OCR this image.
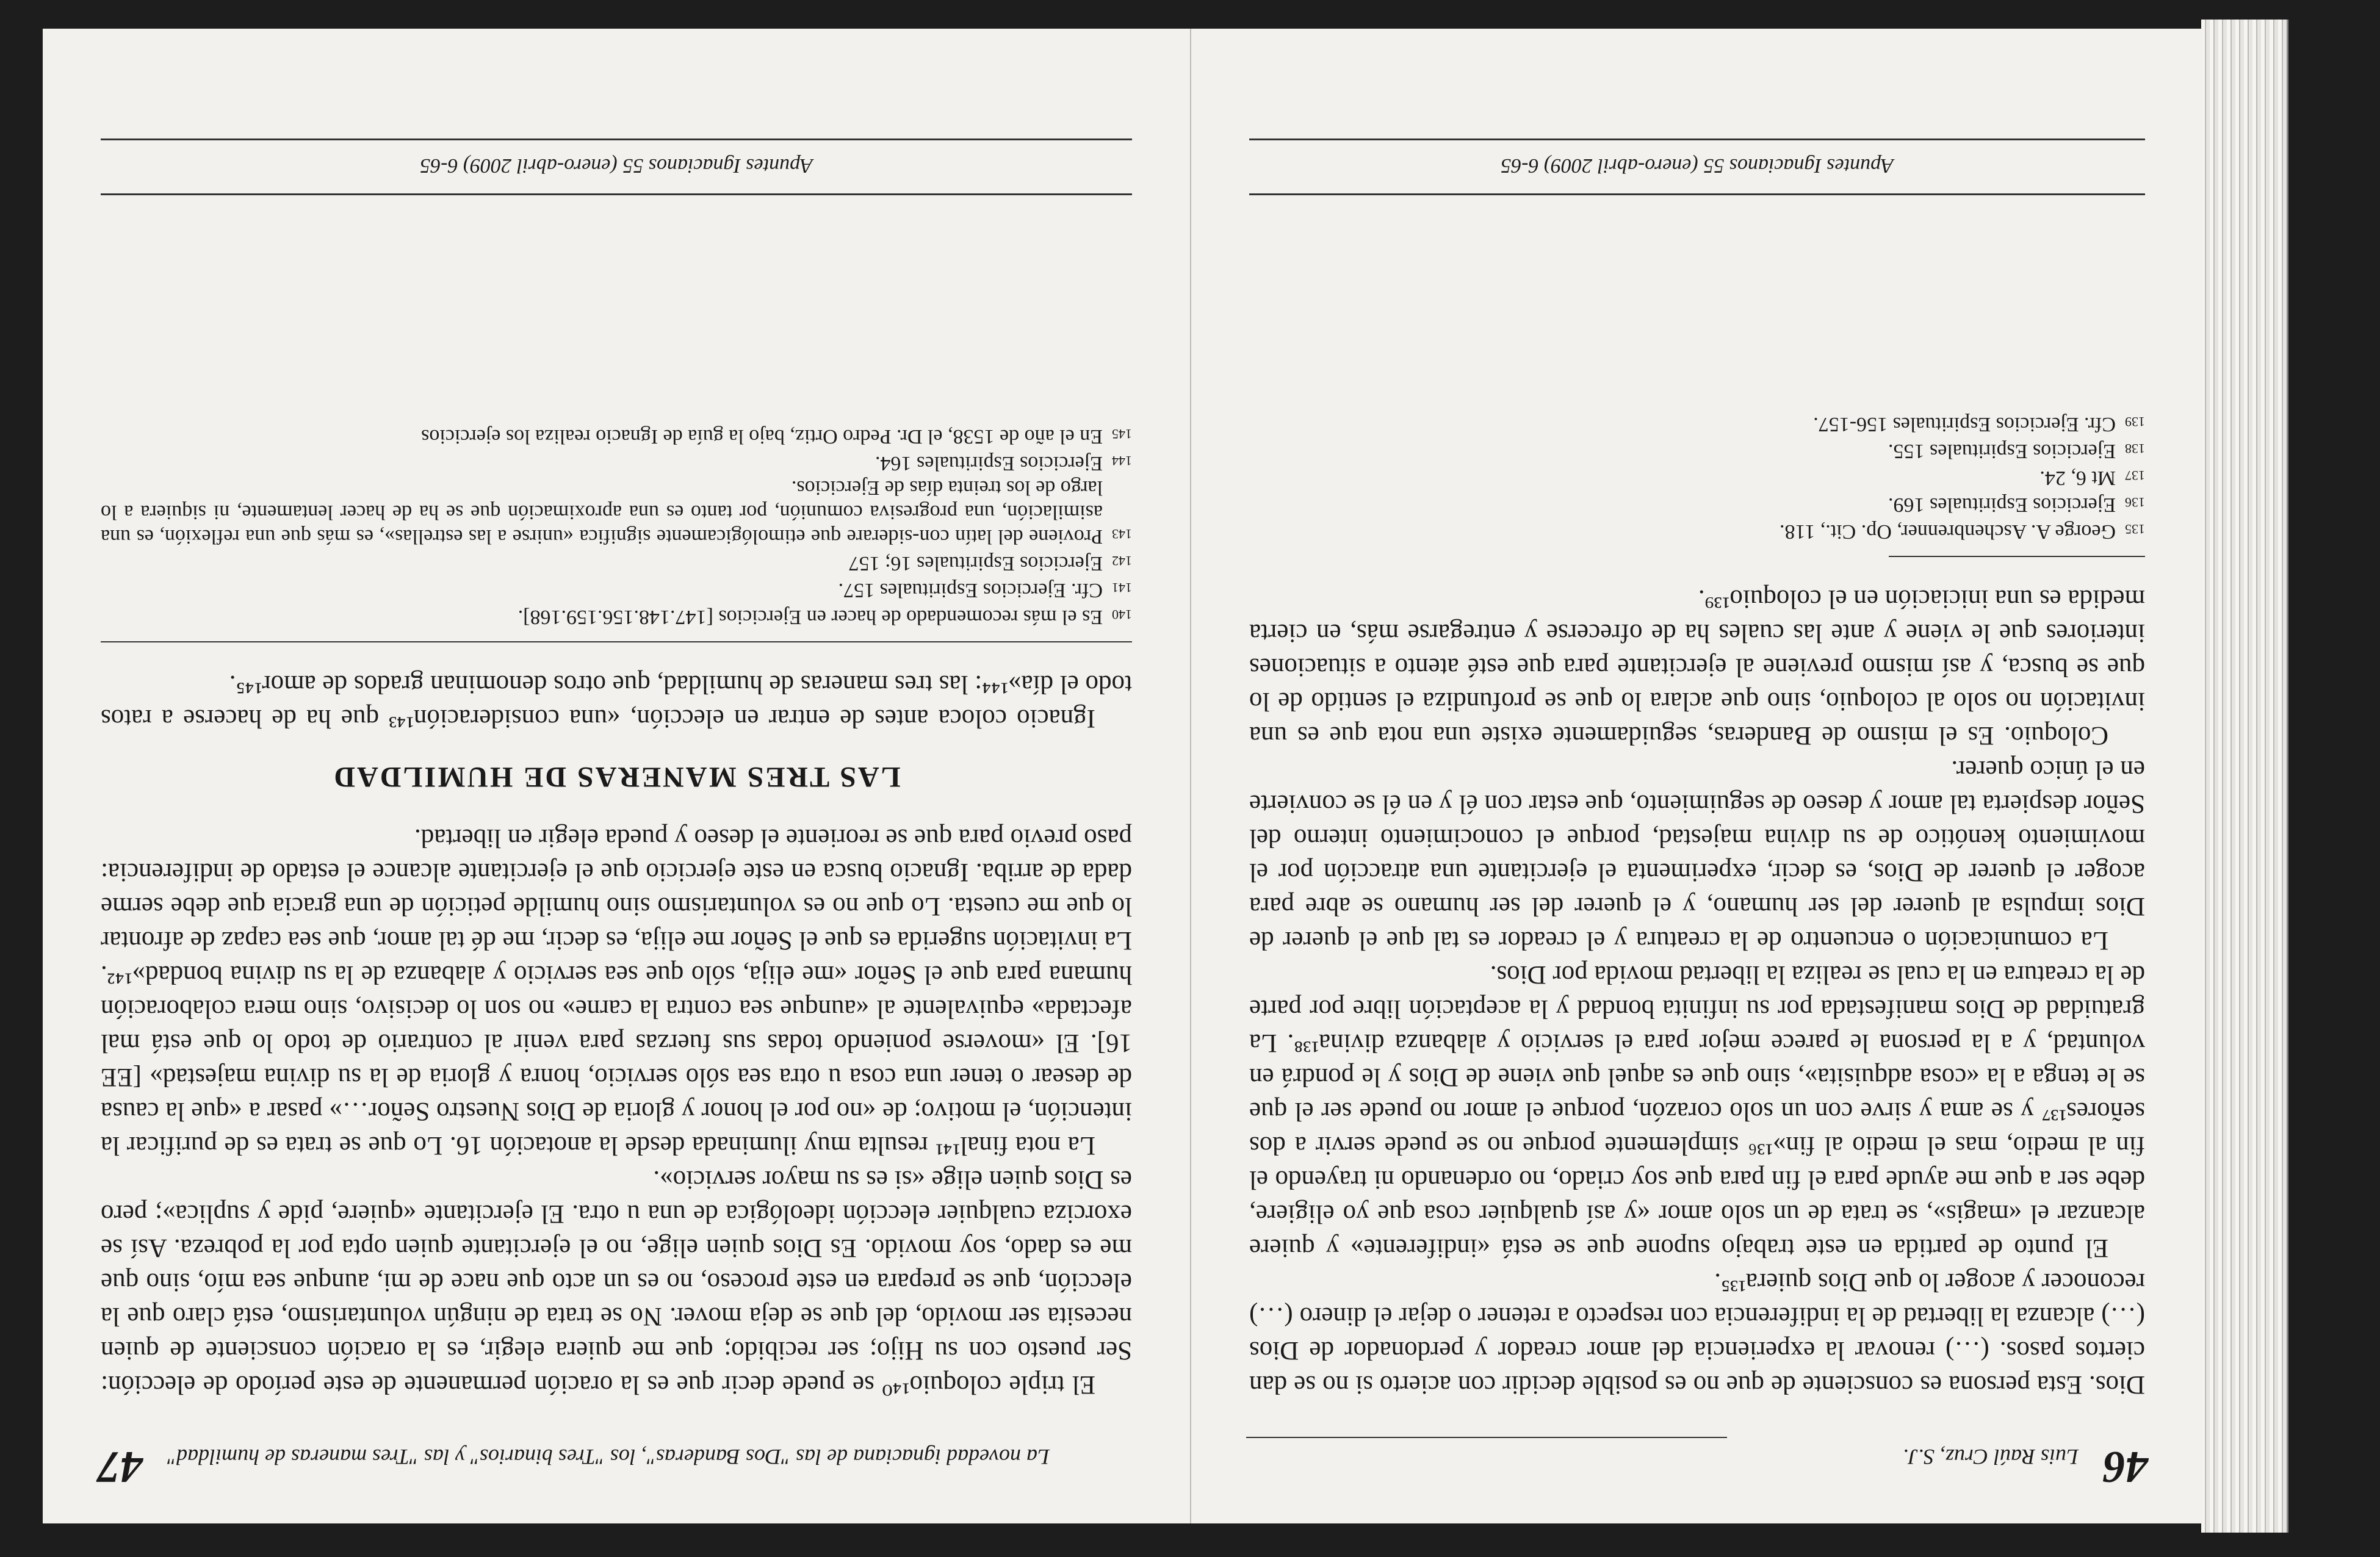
46
Luis Raúl Cruz, S.J.

Dios. Esta persona es consciente de que no es posible decidir con acierto si no se dan ciertos pasos. (…) renovar la experiencia del amor creador y perdonador de Dios (…) alcanza la libertad de la indiferencia con respecto a retener o dejar el dinero (…) reconocer y acoger lo que Dios quiera¹³⁵.

El punto de partida en este trabajo supone que se está «indiferente» y quiere alcanzar el «magis», se trata de un solo amor «y así qualquier cosa que yo eligiere, debe ser a que me ayude para el fin para que soy criado, no ordenando ni trayendo el fin al medio, mas el medio al fin»¹³⁶ simplemente porque no se puede servir a dos señores¹³⁷ y se ama y sirve con un solo corazón, porque el amor no puede ser el que se le tenga a la «cosa adquisita», sino que es aquel que viene de Dios y le pondrá en voluntad, y a la persona le parece mejor para el servicio y alabanza divina¹³⁸. La gratuidad de Dios manifestada por su infinita bondad y la aceptación libre por parte de la creatura en la cual se realiza la libertad movida por Dios.

La comunicación o encuentro de la creatura y el creador es tal que el querer de Dios impulsa al querer del ser humano, y el querer del ser humano se abre para acoger el querer de Dios, es decir, experimenta el ejercitante una atracción por el movimiento kenótico de su divina majestad, porque el conocimiento interno del Señor despierta tal amor y deseo de seguimiento, que estar con él y en él se convierte en el único querer.

Coloquio. Es el mismo de Banderas, seguidamente existe una nota que es una invitación no solo al coloquio, sino que aclara lo que se profundiza el sentido de lo que se busca, y así mismo previene al ejercitante para que esté atento a situaciones interiores que le viene y ante las cuales ha de ofrecerse y entregarse más, en cierta medida es una iniciación en el coloquio¹³⁹.

135
George A. Aschenbrenner, Op. Cit., 118.
136
Ejercicios Espirituales 169.
137
Mt 6, 24.
138
Ejercicios Espirituales 155.
139
Cfr. Ejercicios Espirituales 156-157.
Apuntes Ignacianos 55 (enero-abril 2009) 6-65
47 La novedad ignaciana de las "Dos Banderas", los "Tres binarios" y las "Tres maneras de humildad"

El triple coloquio¹⁴⁰ se puede decir que es la oración permanente de este período de elección: Ser puesto con su Hijo; ser recibido; que me quiera elegir, es la oración consciente de quien necesita ser movido, del que se deja mover. No se trata de ningún voluntarismo, está claro que la elección, que se prepara en este proceso, no es un acto que nace de mi, aunque sea mío, sino que me es dado, soy movido. Es Dios quien elige, no el ejercitante quien opta por la pobreza. Así se exorciza cualquier elección ideológica de una u otra. El ejercitante «quiere, pide y suplica»; pero es Dios quien elige «si es su mayor servicio».

La nota final¹⁴¹ resulta muy iluminada desde la anotación 16. Lo que se trata es de purificar la intención, el motivo; de «no por el honor y gloria de Dios Nuestro Señor…» pasar a «que la causa de desear o tener una cosa u otra sea sólo servicio, honra y gloria de la su divina majestad» [EE 16]. El «moverse poniendo todas sus fuerzas para venir al contrario de todo lo que está mal afectada» equivalente al «aunque sea contra la carne» no son lo decisivo, sino mera colaboración humana para que el Señor «me elija, sólo que sea servicio y alabanza de la su divina bondad»¹⁴². La invitación sugerida es que el Señor me elija, es decir, me dé tal amor, que sea capaz de afrontar lo que me cuesta. Lo que no es voluntarismo sino humilde petición de una gracia que debe serme dada de arriba. Ignacio busca en este ejercicio que el ejercitante alcance el estado de indiferencia: paso previo para que se reoriente el deseo y pueda elegir en libertad.

LAS TRES MANERAS DE HUMILDAD

Ignacio coloca antes de entrar en elección, «una consideración¹⁴³ que ha de hacerse a ratos todo el día»¹⁴⁴: las tres maneras de humildad, que otros denominan grados de amor¹⁴⁵.

140
Es el más recomendado de hacer en Ejercicios [147.148.156.159.168].
141
Cfr. Ejercicios Espirituales 157.
142
Ejercicios Espirituales 16; 157
143
Proviene del latín con-siderare que etimológicamente significa «unirse a las estrellas», es más que una reflexión, es una asimilación, una progresiva comunión, por tanto es una aproximación que se ha de hacer lentamente, ni siquiera a lo largo de los treinta días de Ejercicios.
144
Ejercicios Espirituales 164.
145
En el año de 1538, el Dr. Pedro Ortiz, bajo la guía de Ignacio realiza los ejercicios
Apuntes Ignacianos 55 (enero-abril 2009) 6-65
